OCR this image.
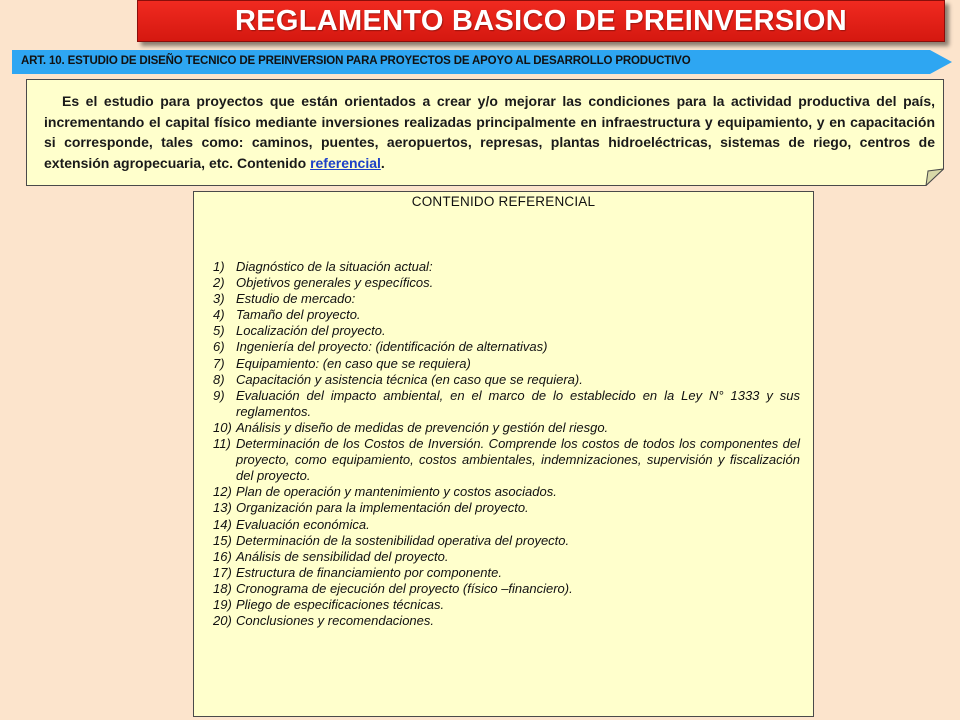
REGLAMENTO BASICO DE PREINVERSION
ART. 10. ESTUDIO DE DISEÑO TECNICO DE PREINVERSION PARA PROYECTOS DE APOYO AL DESARROLLO PRODUCTIVO
Es el estudio para proyectos que están orientados a crear y/o mejorar las condiciones para la actividad productiva del país, incrementando el capital físico mediante inversiones realizadas principalmente en infraestructura y equipamiento, y en capacitación si corresponde, tales como: caminos, puentes, aeropuertos, represas, plantas hidroeléctricas, sistemas de riego, centros de extensión agropecuaria, etc. Contenido referencial.
CONTENIDO REFERENCIAL
1) Diagnóstico de la situación actual:
2) Objetivos generales y específicos.
3) Estudio de mercado:
4) Tamaño del proyecto.
5) Localización del proyecto.
6) Ingeniería del proyecto: (identificación de alternativas)
7) Equipamiento: (en caso que se requiera)
8) Capacitación y asistencia técnica (en caso que se requiera).
9) Evaluación del impacto ambiental, en el marco de lo establecido en la Ley N° 1333 y sus reglamentos.
10) Análisis y diseño de medidas de prevención y gestión del riesgo.
11) Determinación de los Costos de Inversión. Comprende los costos de todos los componentes del proyecto, como equipamiento, costos ambientales, indemnizaciones, supervisión y fiscalización del proyecto.
12) Plan de operación y mantenimiento y costos asociados.
13) Organización para la implementación del proyecto.
14) Evaluación económica.
15) Determinación de la sostenibilidad operativa del proyecto.
16) Análisis de sensibilidad del proyecto.
17) Estructura de financiamiento por componente.
18) Cronograma de ejecución del proyecto (físico –financiero).
19) Pliego de especificaciones técnicas.
20) Conclusiones y recomendaciones.
